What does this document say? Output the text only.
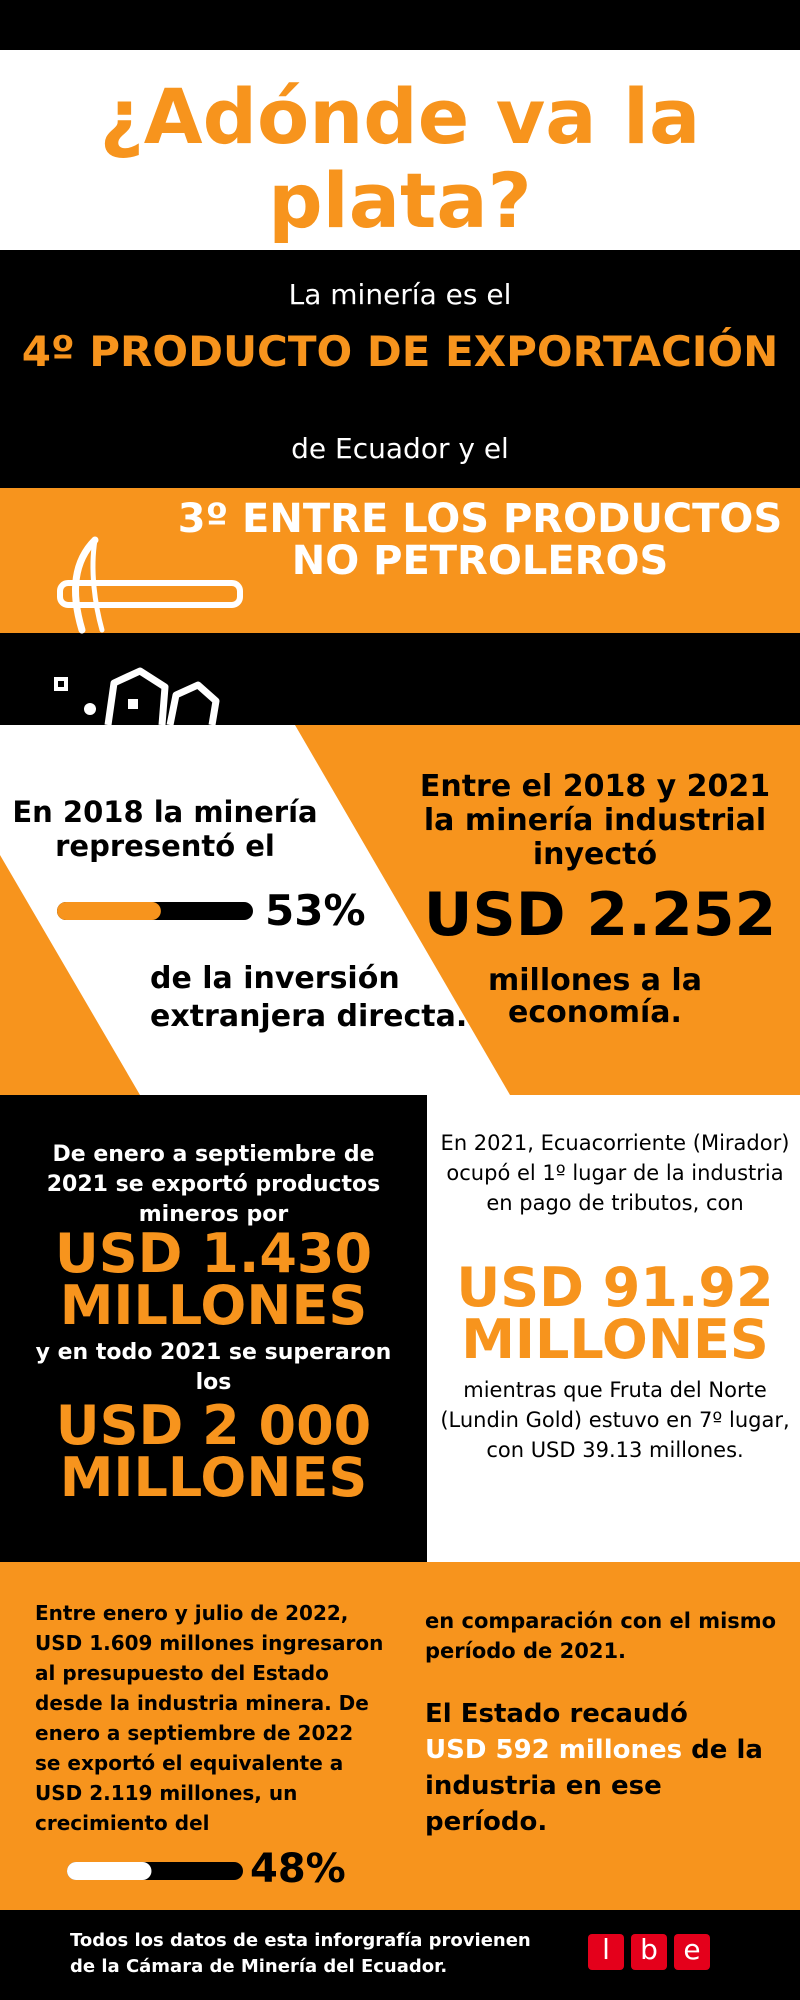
¿Adónde va la plata?
La minería es el
4º PRODUCTO DE EXPORTACIÓN
de Ecuador y el
3º ENTRE LOS PRODUCTOS NO PETROLEROS
En 2018 la minería representó el
53%
de la inversión extranjera directa.
Entre el 2018 y 2021 la minería industrial inyectó
USD 2.252
millones a la economía.
De enero a septiembre de 2021 se exportó productos mineros por
USD 1.430 MILLONES
y en todo 2021 se superaron los
USD 2 000 MILLONES
En 2021, Ecuacorriente (Mirador) ocupó el 1º lugar de la industria en pago de tributos, con
USD 91.92 MILLONES
mientras que Fruta del Norte (Lundin Gold) estuvo en 7º lugar, con USD 39.13 millones.
Entre enero y julio de 2022, USD 1.609 millones ingresaron al presupuesto del Estado desde la industria minera. De enero a septiembre de 2022 se exportó el equivalente a USD 2.119 millones, un crecimiento del
48%
en comparación con el mismo período de 2021.
El Estado recaudó
USD 592 millones de la industria en ese período.
Todos los datos de esta inforgrafía provienen de la Cámara de Minería del Ecuador.
l	b e
